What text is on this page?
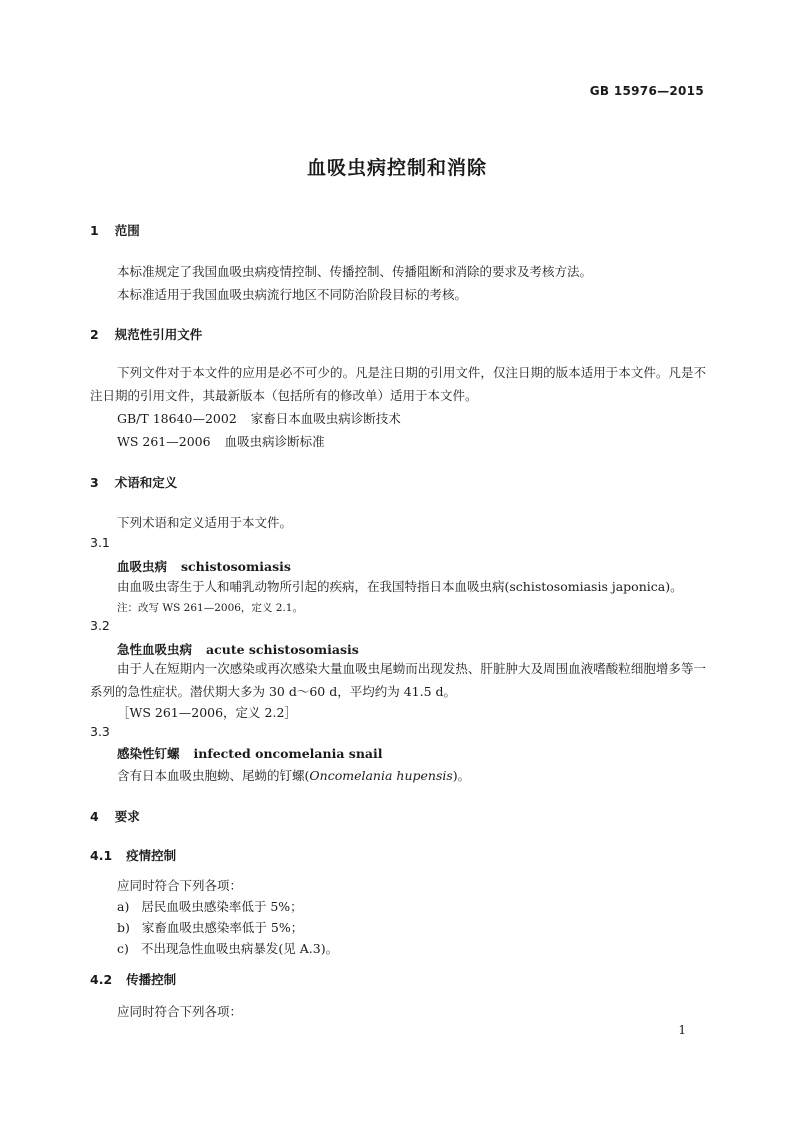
GB 15976—2015
血吸虫病控制和消除
1 范围
本标准规定了我国血吸虫病疫情控制、传播控制、传播阻断和消除的要求及考核方法。
本标准适用于我国血吸虫病流行地区不同防治阶段目标的考核。
2 规范性引用文件
下列文件对于本文件的应用是必不可少的。凡是注日期的引用文件，仅注日期的版本适用于本文件。凡是不注日期的引用文件，其最新版本（包括所有的修改单）适用于本文件。
GB/T 18640—2002 家畜日本血吸虫病诊断技术
WS 261—2006 血吸虫病诊断标准
3 术语和定义
下列术语和定义适用于本文件。
3.1
血吸虫病 schistosomiasis
由血吸虫寄生于人和哺乳动物所引起的疾病，在我国特指日本血吸虫病(schistosomiasis japonica)。
注：改写 WS 261—2006，定义 2.1。
3.2
急性血吸虫病 acute schistosomiasis
由于人在短期内一次感染或再次感染大量血吸虫尾蚴而出现发热、肝脏肿大及周围血液嗜酸粒细胞增多等一系列的急性症状。潜伏期大多为 30 d～60 d，平均约为 41.5 d。
［WS 261—2006，定义 2.2］
3.3
感染性钉螺 infected oncomelania snail
含有日本血吸虫胞蚴、尾蚴的钉螺(Oncomelania hupensis)。
4 要求
4.1 疫情控制
应同时符合下列各项：
a) 居民血吸虫感染率低于 5%；
b) 家畜血吸虫感染率低于 5%；
c) 不出现急性血吸虫病暴发(见 A.3)。
4.2 传播控制
应同时符合下列各项：
1
